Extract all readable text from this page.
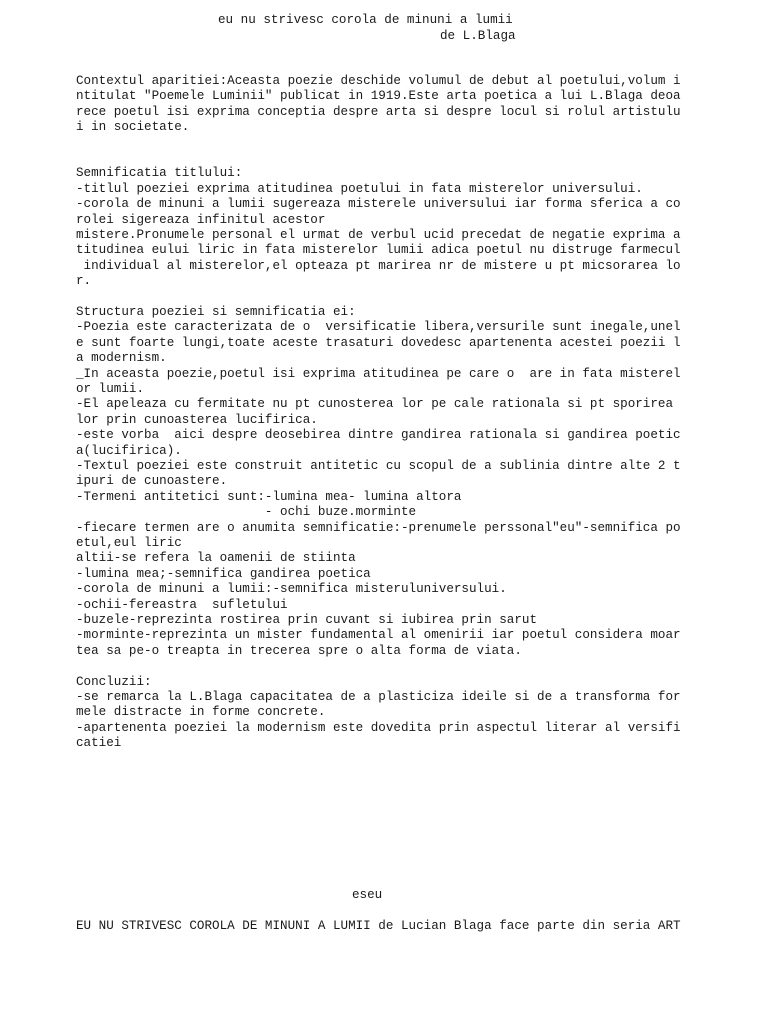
eu nu strivesc corola de minuni a lumii

de L.Blaga

Contextul aparitiei:Aceasta poezie deschide volumul de debut al poetului,volum i

ntitulat "Poemele Luminii" publicat in 1919.Este arta poetica a lui L.Blaga deoa

rece poetul isi exprima conceptia despre arta si despre locul si rolul artistulu

i in societate.

Semnificatia titlului:

-titlul poeziei exprima atitudinea poetului in fata misterelor universului.

-corola de minuni a lumii sugereaza misterele universului iar forma sferica a co

rolei sigereaza infinitul acestor

mistere.Pronumele personal el urmat de verbul ucid precedat de negatie exprima a

titudinea eului liric in fata misterelor lumii adica poetul nu distruge farmecul

individual al misterelor,el opteaza pt marirea nr de mistere u pt micsorarea lo

r.

Structura poeziei si semnificatia ei:

-Poezia este caracterizata de o  versificatie libera,versurile sunt inegale,unel

e sunt foarte lungi,toate aceste trasaturi dovedesc apartenenta acestei poezii l

a modernism.

_In aceasta poezie,poetul isi exprima atitudinea pe care o  are in fata misterel

or lumii.

-El apeleaza cu fermitate nu pt cunosterea lor pe cale rationala si pt sporirea

lor prin cunoasterea lucifirica.

-este vorba  aici despre deosebirea dintre gandirea rationala si gandirea poetic

a(lucifirica).

-Textul poeziei este construit antitetic cu scopul de a sublinia dintre alte 2 t

ipuri de cunoastere.

-Termeni antitetici sunt:-lumina mea- lumina altora

- ochi buze.morminte

-fiecare termen are o anumita semnificatie:-prenumele perssonal"eu"-semnifica po

etul,eul liric

altii-se refera la oamenii de stiinta

-lumina mea;-semnifica gandirea poetica

-corola de minuni a lumii:-semnifica misteruluniversului.

-ochii-fereastra  sufletului

-buzele-reprezinta rostirea prin cuvant si iubirea prin sarut

-morminte-reprezinta un mister fundamental al omenirii iar poetul considera moar

tea sa pe-o treapta in trecerea spre o alta forma de viata.

Concluzii:

-se remarca la L.Blaga capacitatea de a plasticiza ideile si de a transforma for

mele distracte in forme concrete.

-apartenenta poeziei la modernism este dovedita prin aspectul literar al versifi

catiei

eseu

EU NU STRIVESC COROLA DE MINUNI A LUMII de Lucian Blaga face parte din seria ART
